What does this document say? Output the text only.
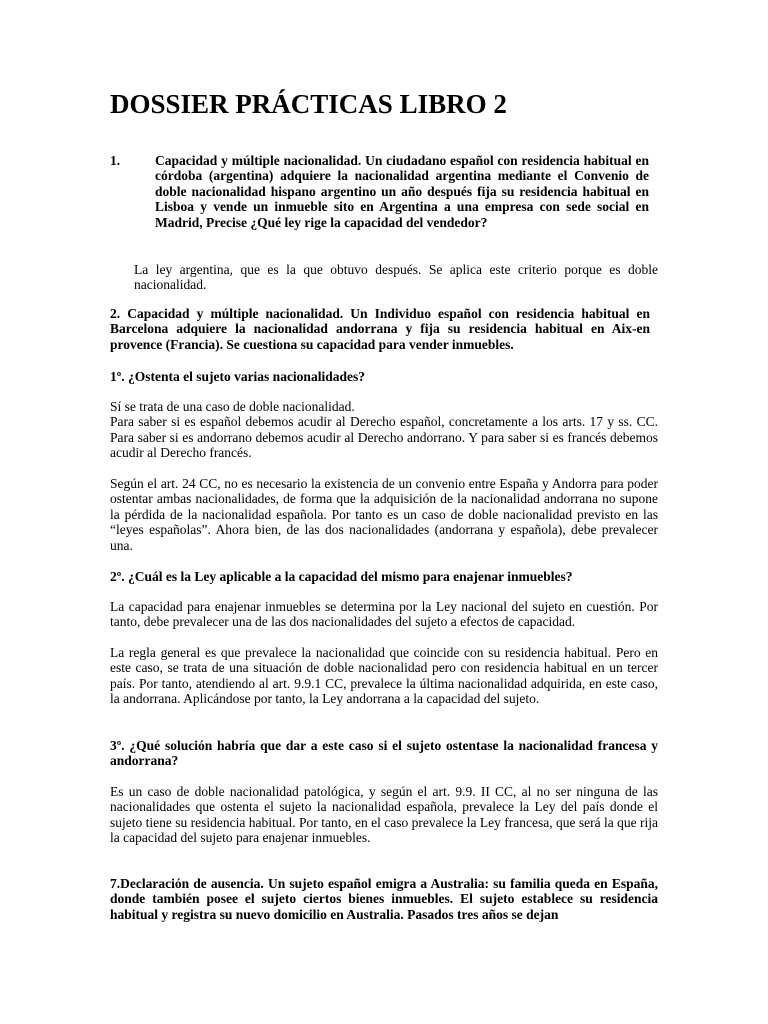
DOSSIER PRÁCTICAS LIBRO 2
1.	Capacidad y múltiple nacionalidad. Un ciudadano español con residencia habitual en córdoba (argentina) adquiere la nacionalidad argentina mediante el Convenio de doble nacionalidad hispano argentino un año después fija su residencia habitual en Lisboa y vende un inmueble sito en Argentina a una empresa con sede social en Madrid, Precise ¿Qué ley rige la capacidad del vendedor?

La ley argentina, que es la que obtuvo después. Se aplica este criterio porque es doble nacionalidad.

2. Capacidad y múltiple nacionalidad. Un Individuo español con residencia habitual en Barcelona adquiere la nacionalidad andorrana y fija su residencia habitual en Aix-en provence (Francia). Se cuestiona su capacidad para vender inmuebles.

1º. ¿Ostenta el sujeto varias nacionalidades?

Sí se trata de una caso de doble nacionalidad.
Para saber si es español debemos acudir al Derecho español, concretamente a los arts. 17 y ss. CC. Para saber si es andorrano debemos acudir al Derecho andorrano. Y para saber si es francés debemos acudir al Derecho francés.

Según el art. 24 CC, no es necesario la existencia de un convenio entre España y Andorra para poder ostentar ambas nacionalidades, de forma que la adquisición de la nacionalidad andorrana no supone la pérdida de la nacionalidad española. Por tanto es un caso de doble nacionalidad previsto en las “leyes españolas”. Ahora bien, de las dos nacionalidades (andorrana y española), debe prevalecer una.

2º. ¿Cuál es la Ley aplicable a la capacidad del mismo para enajenar inmuebles?

La capacidad para enajenar inmuebles se determina por la Ley nacional del sujeto en cuestión. Por tanto, debe prevalecer una de las dos nacionalidades del sujeto a efectos de capacidad.

La regla general es que prevalece la nacionalidad que coincide con su residencia habitual. Pero en este caso, se trata de una situación de doble nacionalidad pero con residencia habitual en un tercer país. Por tanto, atendiendo al art. 9.9.1 CC, prevalece la última nacionalidad adquirida, en este caso, la andorrana. Aplicándose por tanto, la Ley andorrana a la capacidad del sujeto.

3º. ¿Qué solución habría que dar a este caso si el sujeto ostentase la nacionalidad francesa y andorrana?

Es un caso de doble nacionalidad patológica, y según el art. 9.9. II CC, al no ser ninguna de las nacionalidades que ostenta el sujeto la nacionalidad española, prevalece la Ley del país donde el sujeto tiene su residencia habitual. Por tanto, en el caso prevalece la Ley francesa, que será la que rija la capacidad del sujeto para enajenar inmuebles.

7.Declaración de ausencia. Un sujeto español emigra a Australia: su familia queda en España, donde también posee el sujeto ciertos bienes inmuebles. El sujeto establece su residencia habitual y registra su nuevo domicilio en Australia. Pasados tres años se dejan
